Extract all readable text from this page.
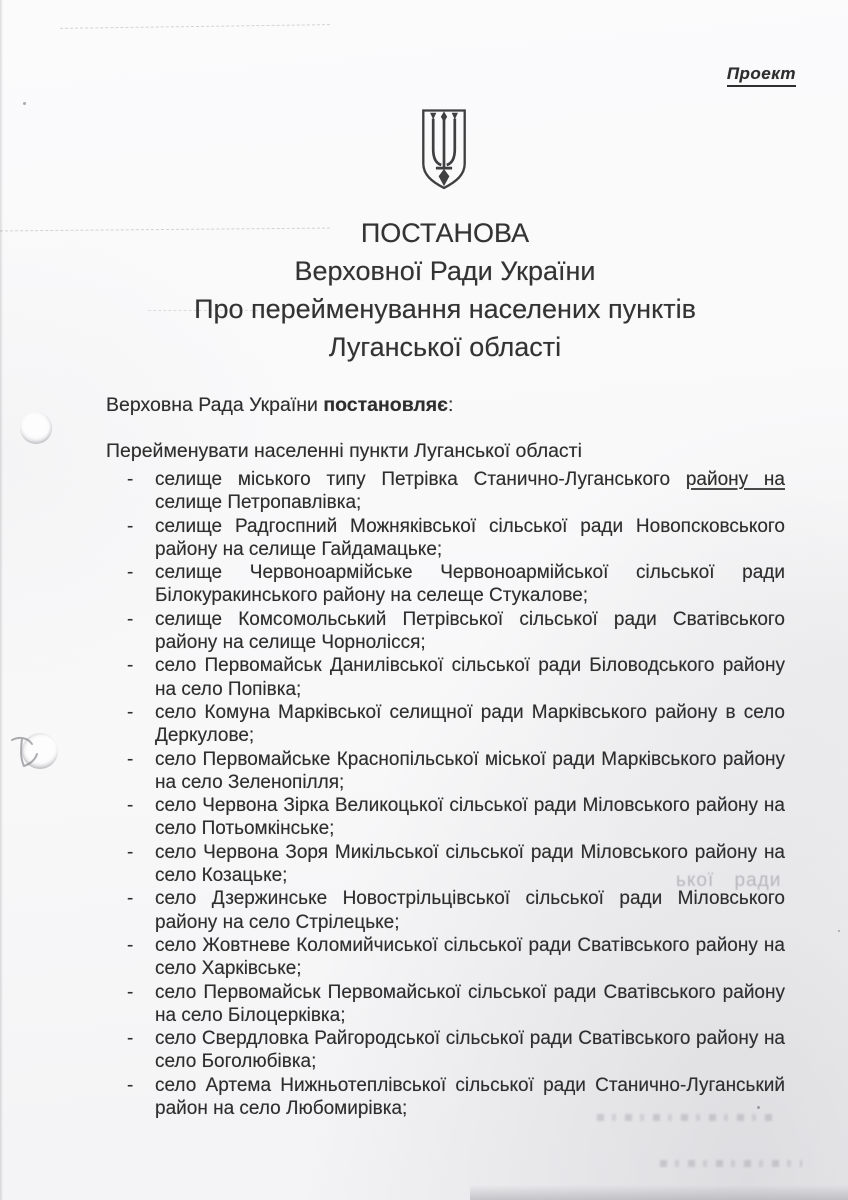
Проект
ПОСТАНОВА
Верховної Ради України
Про перейменування населених пунктів
Луганської області

Верховна Рада України постановляє:

Перейменувати населенні пункти Луганської області

- селище міського типу Петрівка Станично-Луганського району на селище Петропавлівка;
- селище Радгоспний Можняківської сільської ради Новопсковського району на селище Гайдамацьке;
- селище Червоноармійське Червоноармійської сільської ради Білокуракинського району на селеще Стукалове;
- селище Комсомольський Петрівської сільської ради Сватівського району на селище Чорнолісся;
- село Первомайськ Данилівської сільської ради Біловодського району на село Попівка;
- село Комуна Марківської селищної ради Марківського району в село Деркулове;
- село Первомайське Краснопільської міської ради Марківського району на село Зеленопілля;
- село Червона Зірка Великоцької сільської ради Міловського району на село Потьомкінське;
- село Червона Зоря Микільської сільської ради Міловського району на село Козацьке;
- село Дзержинське Новострільцівської сільської ради Міловського району на село Стрілецьке;
- село Жовтневе Коломийчиської сільської ради Сватівського району на село Харківське;
- село Первомайськ Первомайської сільської ради Сватівського району на село Білоцерківка;
- село Свердловка Райгородської сільської ради Сватівського району на село Боголюбівка;
- село Артема Нижньотеплівської сільської ради Станично-Луганський район на село Любомирівка;
ької ради
